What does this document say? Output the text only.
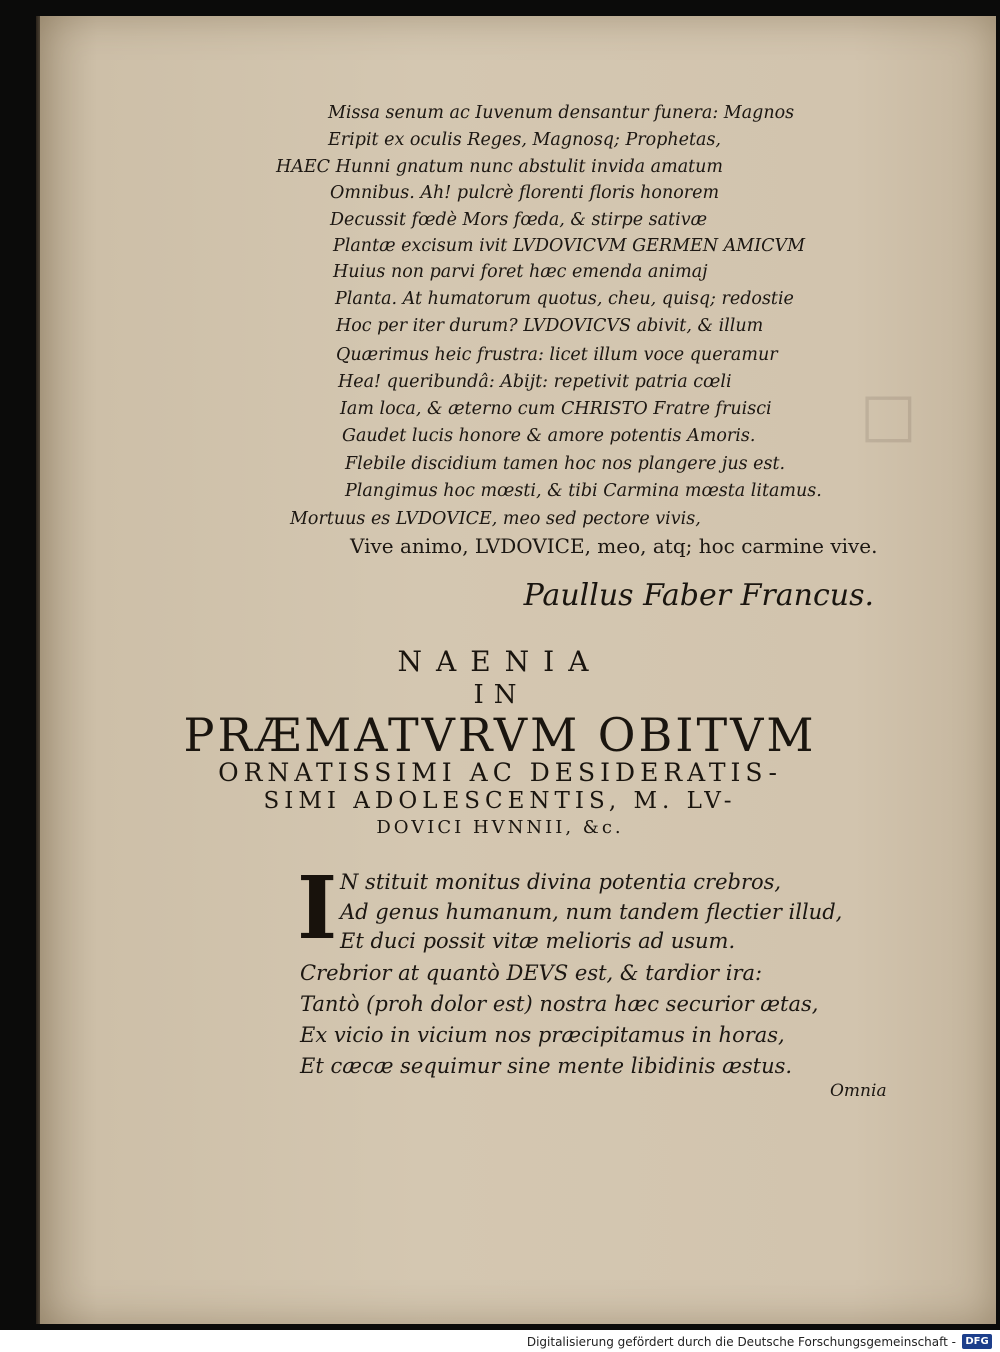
Missa senum ac Iuvenum densantur funera: Magnos
Eripit ex oculis Reges, Magnosq; Prophetas,
HAEC Hunni gnatum nunc abstulit invida amatum
Omnibus. Ah! pulcrè florenti floris honorem
Decussit fœdè Mors fœda, & stirpe sativæ
Plantæ excisum ivit LVDOVICVM GERMEN AMICVM
Huius non parvi foret hæc emenda animaj
Planta. At humatorum quotus, cheu, quisq; redostie
Hoc per iter durum? LVDOVICVS abivit, & illum
Quærimus heic frustra: licet illum voce queramur
Hea! queribundâ: Abijt: repetivit patria cœli
Iam loca, & æterno cum CHRISTO Fratre fruisci
Gaudet lucis honore & amore potentis Amoris.
Flebile discidium tamen hoc nos plangere jus est.
Plangimus hoc mœsti, & tibi Carmina mœsta litamus.
Mortuus es LVDOVICE, meo sed pectore vivis,
Vive animo, LVDOVICE, meo, atq; hoc carmine vive.
Paullus Faber Francus.
NAENIA
IN
PRÆMATVRVM OBITVM
ORNATISSIMI AC DESIDERATIS-
SIMI ADOLESCENTIS, M. LV-
DOVICI HVNNII, &c.
I N stituit monitus divina potentia crebros,
Ad genus humanum, num tandem flectier illud,
Et duci possit vitæ melioris ad usum.
Crebrior at quantò DEVS est, & tardior ira:
Tantò (proh dolor est) nostra hæc securior ætas,
Ex vicio in vicium nos præcipitamus in horas,
Et cæcæ sequimur sine mente libidinis æstus.
Omnia
Digitalisierung gefördert durch die Deutsche Forschungsgemeinschaft - DFG
